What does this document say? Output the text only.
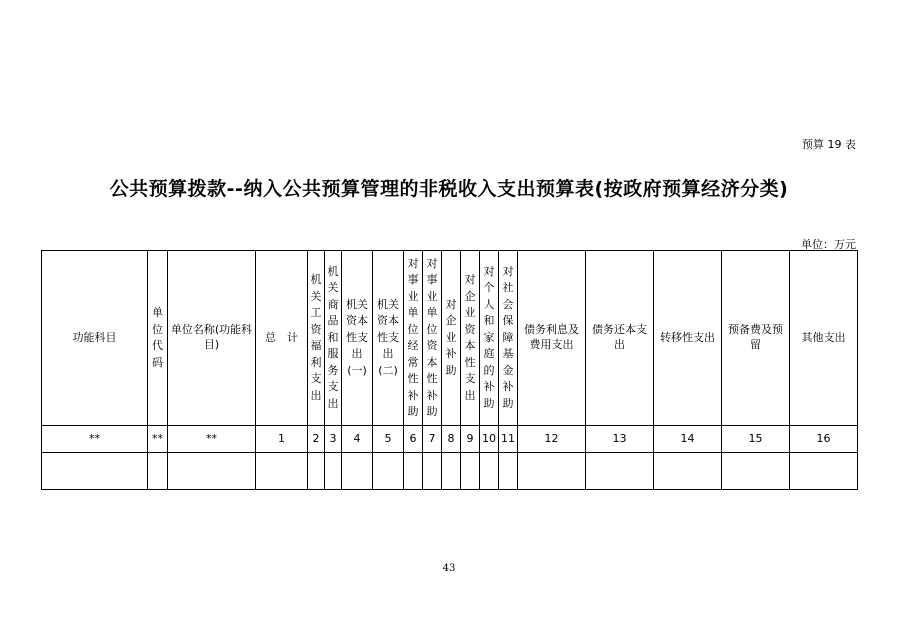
预算 19 表
公共预算拨款--纳入公共预算管理的非税收入支出预算表(按政府预算经济分类)
单位：万元
功能科目	单位代码	单位名称(功能科目)	总　计	机关工资福利支出	机关商品和服务支出	机关资本性支出(一)	机关资本性支出(二)	对事业单位经常性补助	对事业单位资本性补助	对企业补助	对企业资本性支出	对个人和家庭的补助	对社会保障基金补助	债务利息及费用支出	债务还本支出	转移性支出	预备费及预留	其他支出
**	**	**	1	2	3	4	5	6	7	8	9	10	11	12	13	14	15	16

43
